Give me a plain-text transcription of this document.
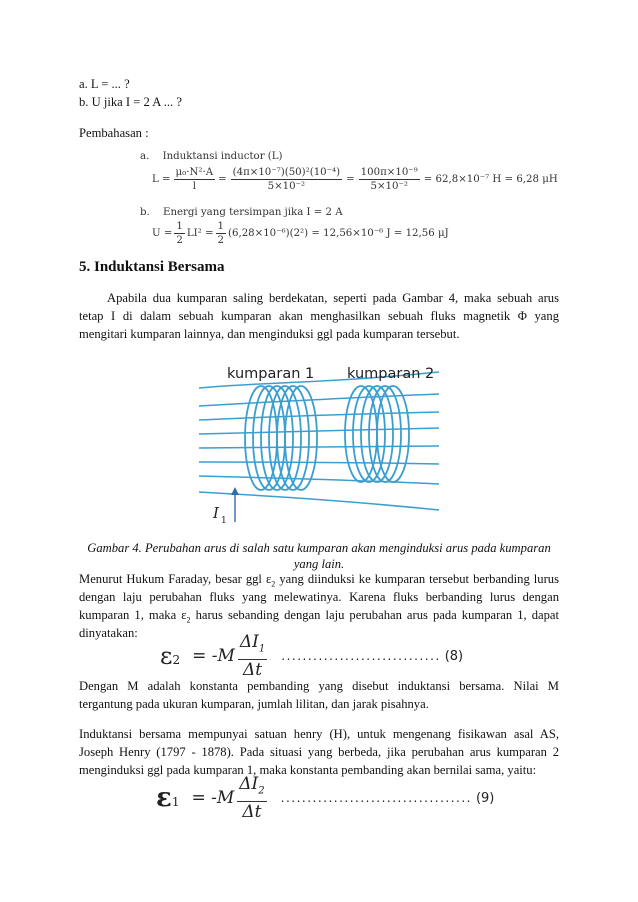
a. L = ... ?
b. U jika I = 2 A ... ?
Pembahasan :
a. Induktansi inductor (L)
$L = \frac{\text{μ₀·N²·A}}{l} = \frac{\text{(4π×10⁻⁷)(50)²(10⁻⁴)}}{\text{5×10⁻²}} = \frac{\text{100π×10⁻⁹}}{\text{5×10⁻²}} = 62,8\times 10^{-7}$ H = 6,28 μH
b. Energi yang tersimpan jika I = 2 A
$U = \frac{1}{2} LI^2 = \frac{1}{2} (6,28\times 10^{-6})(2^2) = 12,56\times 10^{-6}$ J = 12,56 μJ
5. Induktansi Bersama
Apabila dua kumparan saling berdekatan, seperti pada Gambar 4, maka sebuah arus
tetap I di dalam sebuah kumparan akan menghasilkan sebuah fluks magnetik Φ yang
mengitari kumparan lainnya, dan menginduksi ggl pada kumparan tersebut.
kumparan 1 kumparan 2
I 1
Gambar 4. Perubahan arus di salah satu kumparan akan menginduksi arus pada kumparan
yang lain.
Menurut Hukum Faraday, besar ggl $\varepsilon_2$ yang diinduksi ke kumparan tersebut berbanding lurus
dengan laju perubahan fluks yang melewatinya. Karena fluks berbanding lurus dengan
kumparan 1, maka $\varepsilon_2$ harus sebanding dengan laju perubahan arus pada kumparan 1, dapat
dinyatakan:
$\varepsilon_2 = -M \frac{\Delta I_1}{\Delta t}$ .............................. (8)
Dengan M adalah konstanta pembanding yang disebut induktansi bersama. Nilai M
tergantung pada ukuran kumparan, jumlah lilitan, dan jarak pisahnya.
Induktansi bersama mempunyai satuan henry (H), untuk mengenang fisikawan asal AS,
Joseph Henry (1797 - 1878). Pada situasi yang berbeda, jika perubahan arus kumparan 2
menginduksi ggl pada kumparan 1, maka konstanta pembanding akan bernilai sama, yaitu:
$\varepsilon_1 = -M \frac{\Delta I_2}{\Delta t}$ .................................... (9)
